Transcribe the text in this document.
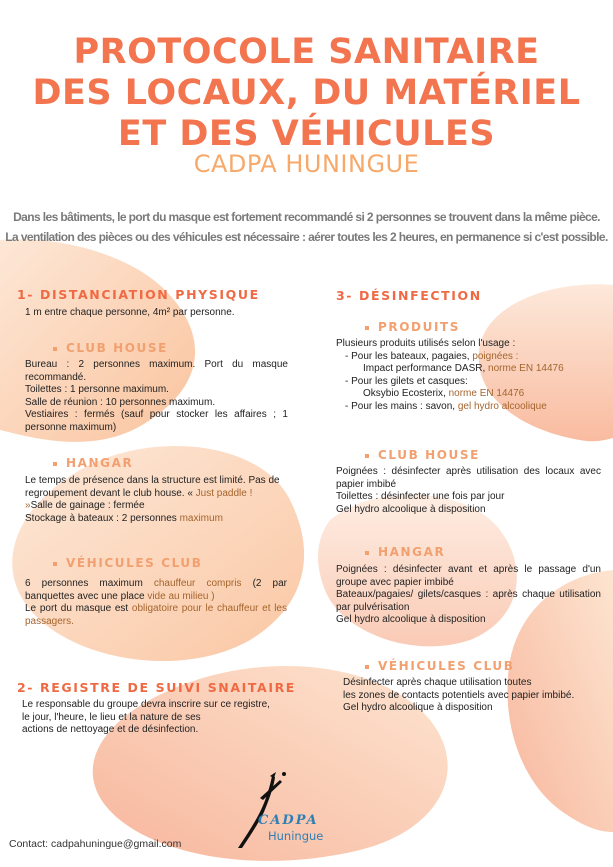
PROTOCOLE SANITAIRE
DES LOCAUX, DU MATÉRIEL
ET DES VÉHICULES
CADPA HUNINGUE
Dans les bâtiments, le port du masque est fortement recommandé si 2 personnes se trouvent dans la même pièce.
La ventilation des pièces ou des véhicules est nécessaire : aérer toutes les 2 heures, en permanence si c'est possible.
1- DISTANCIATION PHYSIQUE
1 m entre chaque personne, 4m² par personne.
CLUB HOUSE
Bureau : 2 personnes maximum. Port du masque recommandé.
Toilettes : 1 personne maximum.
Salle de réunion : 10 personnes maximum.
Vestiaires : fermés (sauf pour stocker les affaires ; 1 personne maximum)
HANGAR
Le temps de présence dans la structure est limité. Pas de regroupement devant le club house. « Just paddle ! »Salle de gainage : fermée
Stockage à bateaux : 2 personnes maximum
VÉHICULES CLUB
6 personnes maximum chauffeur compris (2 par banquettes avec une place vide au milieu )
Le port du masque est obligatoire pour le chauffeur et les passagers.
2- REGISTRE DE SUIVI SNAITAIRE
Le responsable du groupe devra inscrire sur ce registre,
le jour, l'heure, le lieu et la nature de ses
actions de nettoyage et de désinfection.
3- DÉSINFECTION
PRODUITS
Plusieurs produits utilisés selon l'usage :
- Pour les bateaux, pagaies, poignées :
Impact performance DASR, norme EN 14476
- Pour les gilets et casques:
Oksybio Ecosterix, norme EN 14476
- Pour les mains : savon, gel hydro alcoolique
CLUB HOUSE
Poignées : désinfecter après utilisation des locaux avec papier imbibé
Toilettes : désinfecter une fois par jour
Gel hydro alcoolique à disposition
HANGAR
Poignées : désinfecter avant et après le passage d'un groupe avec papier imbibé
Bateaux/pagaies/ gilets/casques : après chaque utilisation par pulvérisation
Gel hydro alcoolique à disposition
VÉHICULES CLUB
Désinfecter après chaque utilisation toutes
les zones de contacts potentiels avec papier imbibé.
Gel hydro alcoolique à disposition
CADPA
Huningue
Contact: cadpahuningue@gmail.com
